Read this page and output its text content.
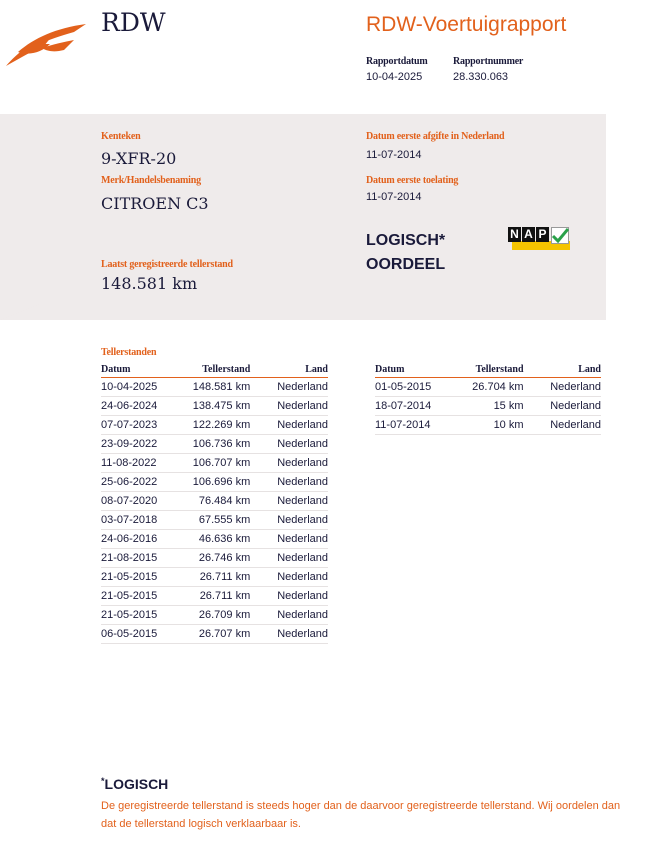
RDW	RDW-Voertuigrapport
Rapportdatum
10-04-2025
Rapportnummer
28.330.063
Kenteken
9-XFR-20
Merk/Handelsbenaming
CITROEN C3
Laatst geregistreerde tellerstand
148.581 km
Datum eerste afgifte in Nederland
11-07-2014
Datum eerste toelating
11-07-2014
LOGISCH*
OORDEEL
N A P
Tellerstanden
Datum	Tellerstand	Land
10-04-2025	148.581 km	Nederland
24-06-2024	138.475 km	Nederland
07-07-2023	122.269 km	Nederland
23-09-2022	106.736 km	Nederland
11-08-2022	106.707 km	Nederland
25-06-2022	106.696 km	Nederland
08-07-2020	76.484 km	Nederland
03-07-2018	67.555 km	Nederland
24-06-2016	46.636 km	Nederland
21-08-2015	26.746 km	Nederland
21-05-2015	26.711 km	Nederland
21-05-2015	26.711 km	Nederland
21-05-2015	26.709 km	Nederland
06-05-2015	26.707 km	Nederland
Datum	Tellerstand	Land
01-05-2015	26.704 km	Nederland
18-07-2014	15 km	Nederland
11-07-2014	10 km	Nederland
*LOGISCH
De geregistreerde tellerstand is steeds hoger dan de daarvoor geregistreerde tellerstand. Wij oordelen dan dat de tellerstand logisch verklaarbaar is.
